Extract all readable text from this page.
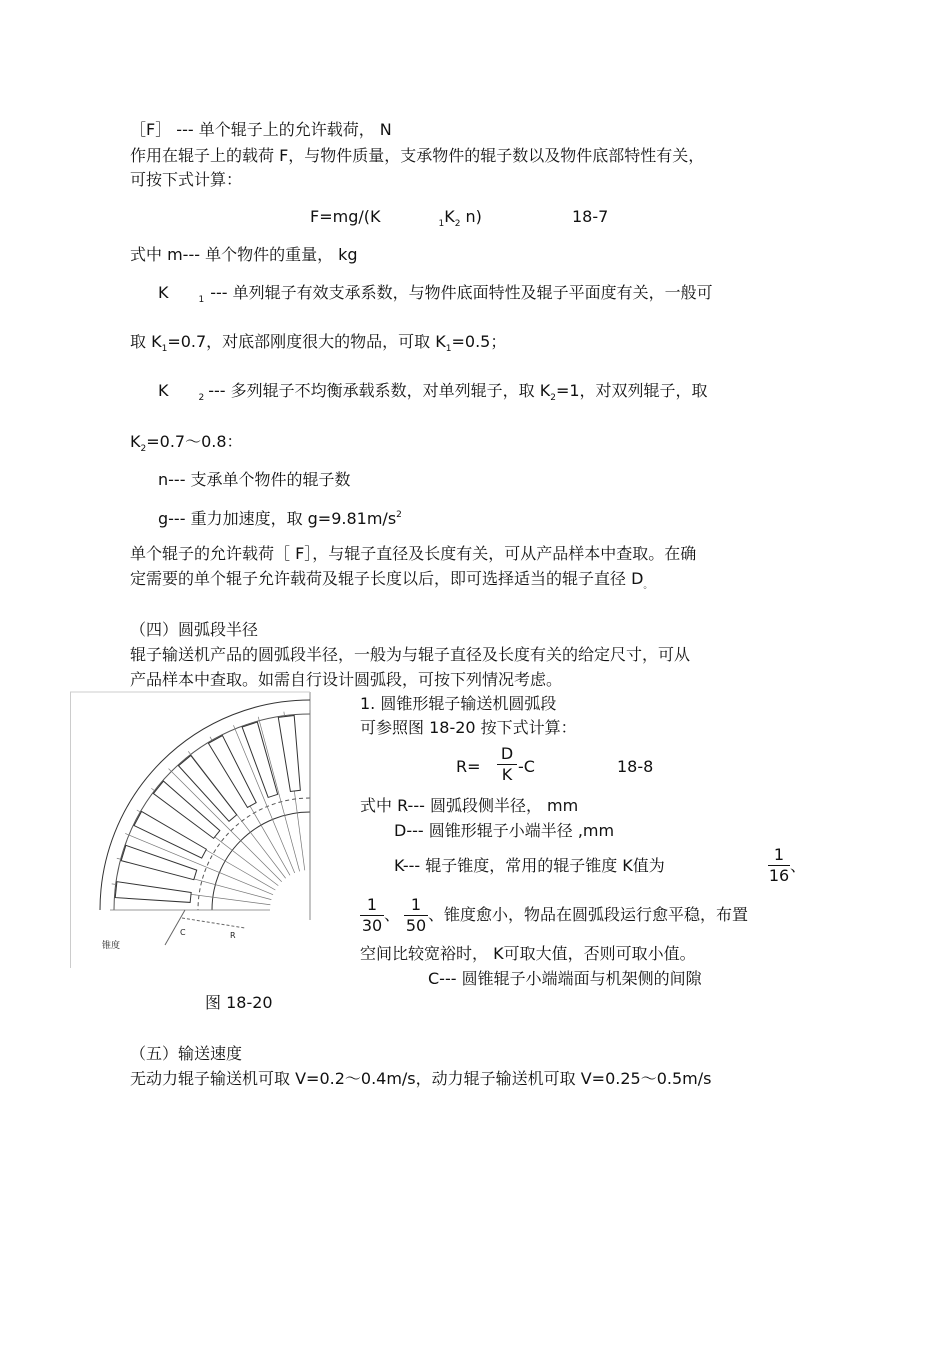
［F］ --- 单个辊子上的允许载荷， N
作用在辊子上的载荷 F，与物件质量，支承物件的辊子数以及物件底部特性有关，
可按下式计算：
F=mg/(K	$_1K_2$ n)	18-7
式中 m--- 单个物件的重量， kg
K	$_1$ --- 单列辊子有效支承系数，与物件底面特性及辊子平面度有关，一般可
取 $K_1=0.7$，对底部刚度很大的物品，可取 $K_1=0.5$；
K	$_2$ --- 多列辊子不均衡承载系数，对单列辊子，取 $K_2=1$，对双列辊子，取
$K_2=0.7\sim 0.8$：
n--- 支承单个物件的辊子数
g--- 重力加速度，取 $g=9.81m/s^2$
单个辊子的允许载荷［ F］，与辊子直径及长度有关，可从产品样本中查取。在确
定需要的单个辊子允许载荷及辊子长度以后，即可选择适当的辊子直径 $D_。$
（四）圆弧段半径
辊子输送机产品的圆弧段半径，一般为与辊子直径及长度有关的给定尺寸，可从
产品样本中查取。如需自行设计圆弧段，可按下列情况考虑。
锥度
R
C
图 18-20
1. 圆锥形辊子输送机圆弧段
可参照图 18-20 按下式计算：
$R= \frac{D}{K} -C$	18-8
式中 R--- 圆弧段侧半径， mm
D--- 圆锥形辊子小端半径 ,mm
K--- 辊子锥度，常用的辊子锥度 K值为	$\frac{1}{16}$ 、
$\frac{1}{30}$ 、 $\frac{1}{50}$ 、锥度愈小，物品在圆弧段运行愈平稳，布置
空间比较宽裕时， K可取大值，否则可取小值。
C--- 圆锥辊子小端端面与机架侧的间隙
（五）输送速度
无动力辊子输送机可取 V=0.2～0.4m/s，动力辊子输送机可取 V=0.25～0.5m/s
